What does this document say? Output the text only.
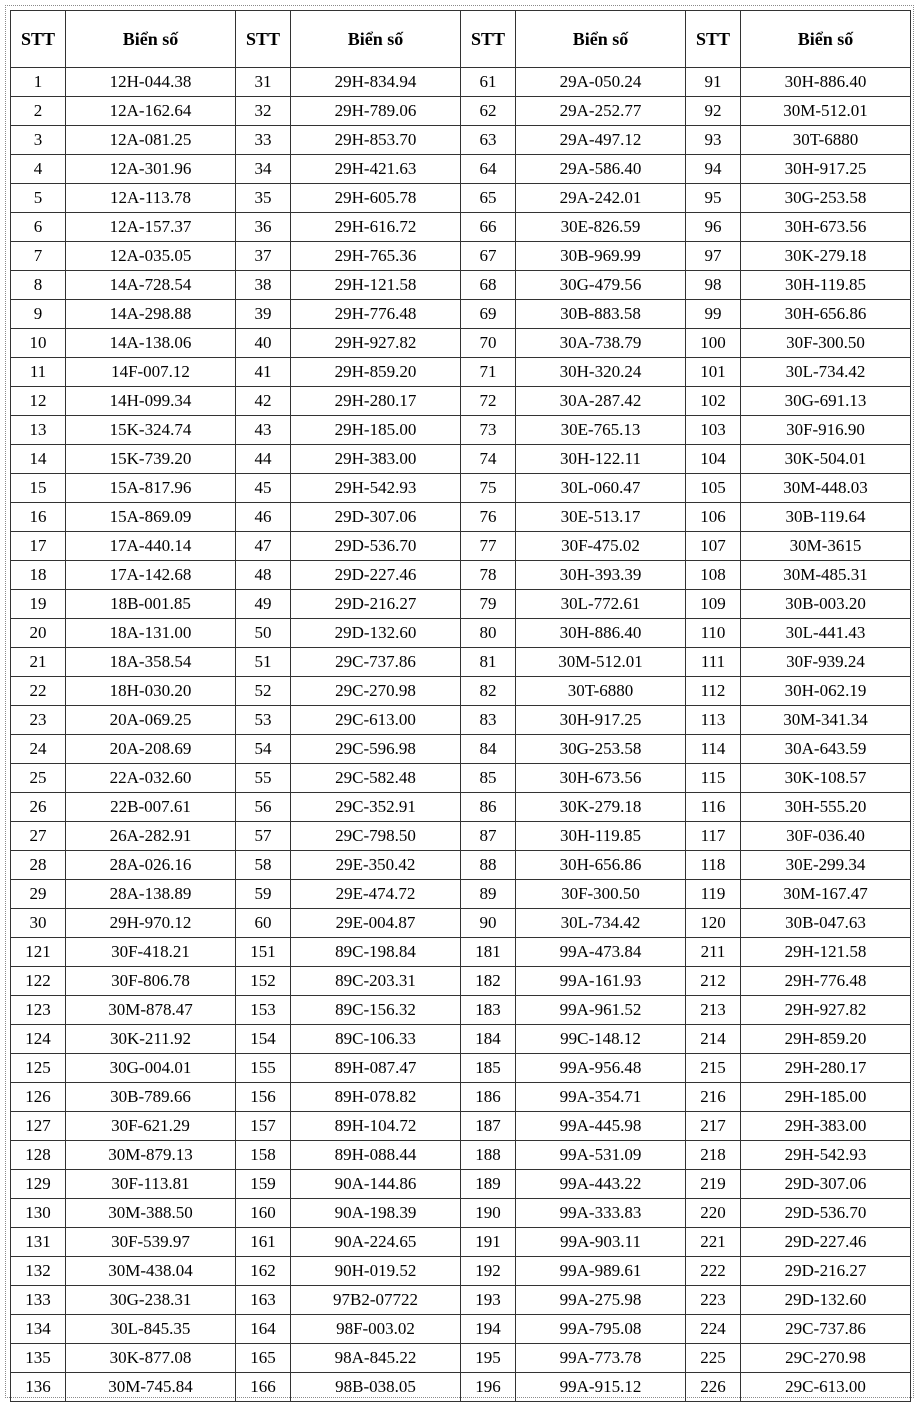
STT	Biển số	STT	Biển số	STT	Biển số	STT	Biển số
1	12H-044.38	31	29H-834.94	61	29A-050.24	91	30H-886.40
2	12A-162.64	32	29H-789.06	62	29A-252.77	92	30M-512.01
3	12A-081.25	33	29H-853.70	63	29A-497.12	93	30T-6880
4	12A-301.96	34	29H-421.63	64	29A-586.40	94	30H-917.25
5	12A-113.78	35	29H-605.78	65	29A-242.01	95	30G-253.58
6	12A-157.37	36	29H-616.72	66	30E-826.59	96	30H-673.56
7	12A-035.05	37	29H-765.36	67	30B-969.99	97	30K-279.18
8	14A-728.54	38	29H-121.58	68	30G-479.56	98	30H-119.85
9	14A-298.88	39	29H-776.48	69	30B-883.58	99	30H-656.86
10	14A-138.06	40	29H-927.82	70	30A-738.79	100	30F-300.50
11	14F-007.12	41	29H-859.20	71	30H-320.24	101	30L-734.42
12	14H-099.34	42	29H-280.17	72	30A-287.42	102	30G-691.13
13	15K-324.74	43	29H-185.00	73	30E-765.13	103	30F-916.90
14	15K-739.20	44	29H-383.00	74	30H-122.11	104	30K-504.01
15	15A-817.96	45	29H-542.93	75	30L-060.47	105	30M-448.03
16	15A-869.09	46	29D-307.06	76	30E-513.17	106	30B-119.64
17	17A-440.14	47	29D-536.70	77	30F-475.02	107	30M-3615
18	17A-142.68	48	29D-227.46	78	30H-393.39	108	30M-485.31
19	18B-001.85	49	29D-216.27	79	30L-772.61	109	30B-003.20
20	18A-131.00	50	29D-132.60	80	30H-886.40	110	30L-441.43
21	18A-358.54	51	29C-737.86	81	30M-512.01	111	30F-939.24
22	18H-030.20	52	29C-270.98	82	30T-6880	112	30H-062.19
23	20A-069.25	53	29C-613.00	83	30H-917.25	113	30M-341.34
24	20A-208.69	54	29C-596.98	84	30G-253.58	114	30A-643.59
25	22A-032.60	55	29C-582.48	85	30H-673.56	115	30K-108.57
26	22B-007.61	56	29C-352.91	86	30K-279.18	116	30H-555.20
27	26A-282.91	57	29C-798.50	87	30H-119.85	117	30F-036.40
28	28A-026.16	58	29E-350.42	88	30H-656.86	118	30E-299.34
29	28A-138.89	59	29E-474.72	89	30F-300.50	119	30M-167.47
30	29H-970.12	60	29E-004.87	90	30L-734.42	120	30B-047.63
121	30F-418.21	151	89C-198.84	181	99A-473.84	211	29H-121.58
122	30F-806.78	152	89C-203.31	182	99A-161.93	212	29H-776.48
123	30M-878.47	153	89C-156.32	183	99A-961.52	213	29H-927.82
124	30K-211.92	154	89C-106.33	184	99C-148.12	214	29H-859.20
125	30G-004.01	155	89H-087.47	185	99A-956.48	215	29H-280.17
126	30B-789.66	156	89H-078.82	186	99A-354.71	216	29H-185.00
127	30F-621.29	157	89H-104.72	187	99A-445.98	217	29H-383.00
128	30M-879.13	158	89H-088.44	188	99A-531.09	218	29H-542.93
129	30F-113.81	159	90A-144.86	189	99A-443.22	219	29D-307.06
130	30M-388.50	160	90A-198.39	190	99A-333.83	220	29D-536.70
131	30F-539.97	161	90A-224.65	191	99A-903.11	221	29D-227.46
132	30M-438.04	162	90H-019.52	192	99A-989.61	222	29D-216.27
133	30G-238.31	163	97B2-07722	193	99A-275.98	223	29D-132.60
134	30L-845.35	164	98F-003.02	194	99A-795.08	224	29C-737.86
135	30K-877.08	165	98A-845.22	195	99A-773.78	225	29C-270.98
136	30M-745.84	166	98B-038.05	196	99A-915.12	226	29C-613.00
